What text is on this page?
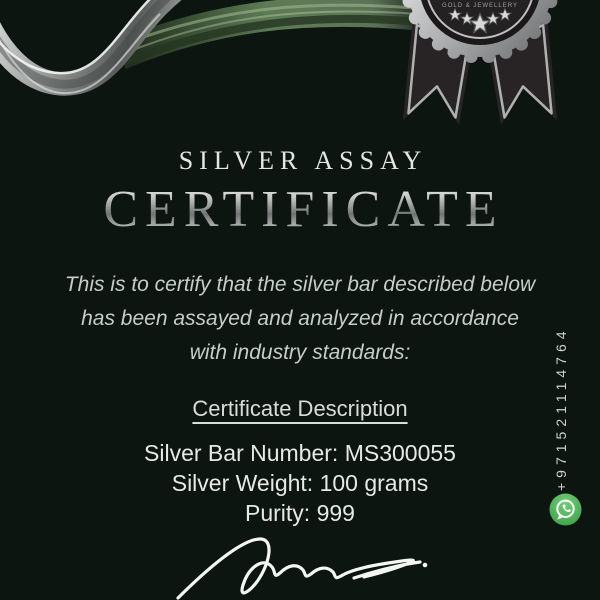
GOLD & JEWELLERY
SILVER ASSAY
CERTIFICATE
This is to certify that the silver bar described below
has been assayed and analyzed in accordance
with industry standards:
Certificate Description
Silver Bar Number: MS300055
Silver Weight: 100 grams
Purity: 999
+971521114764
